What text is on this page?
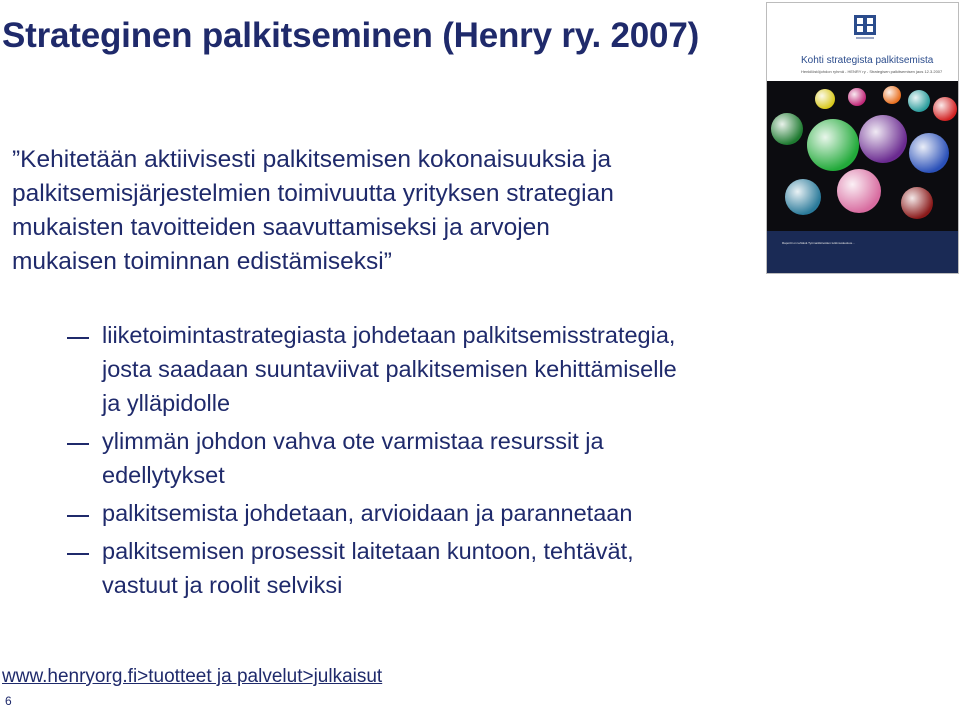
Strateginen palkitseminen (Henry ry. 2007)
”Kehitetään aktiivisesti palkitsemisen kokonaisuuksia ja
palkitsemisjärjestelmien toimivuutta yrityksen strategian
mukaisten tavoitteiden saavuttamiseksi ja arvojen
mukaisen toiminnan edistämiseksi”
liiketoimintastrategiasta johdetaan palkitsemisstrategia,
josta saadaan suuntaviivat palkitsemisen kehittämiselle
ja ylläpidolle
ylimmän johdon vahva ote varmistaa resurssit ja
edellytykset
palkitsemista johdetaan, arvioidaan ja parannetaan
palkitsemisen prosessit laitetaan kuntoon, tehtävät,
vastuut ja roolit selviksi
www.henryorg.fi>tuotteet ja palvelut>julkaisut
6
Kohti strategista palkitsemista
Henkilöstöjohdon ryhmä - HENRY ry - Strategisen palkitsemisen jaos 12.3.2007
Raportti on tehtävä Työmarkkinoiden tutkimuskeskus...
